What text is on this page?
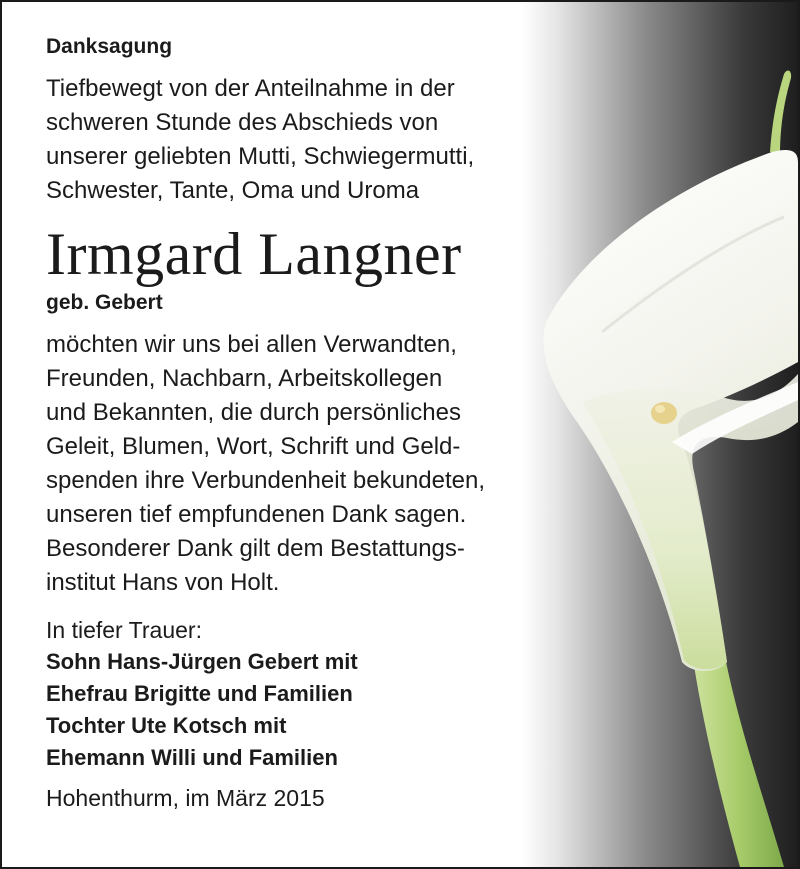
Danksagung

Tiefbewegt von der Anteilnahme in der

schweren Stunde des Abschieds von

unserer geliebten Mutti, Schwiegermutti,

Schwester, Tante, Oma und Uroma

Irmgard Langner

geb. Gebert

möchten wir uns bei allen Verwandten,

Freunden, Nachbarn, Arbeitskollegen

und Bekannten, die durch persönliches

Geleit, Blumen, Wort, Schrift und Geld-

spenden ihre Verbundenheit bekundeten,

unseren tief empfundenen Dank sagen.

Besonderer Dank gilt dem Bestattungs-

institut Hans von Holt.

In tiefer Trauer:

Sohn Hans-Jürgen Gebert mit

Ehefrau Brigitte und Familien

Tochter Ute Kotsch mit

Ehemann Willi und Familien

Hohenthurm, im März 2015
